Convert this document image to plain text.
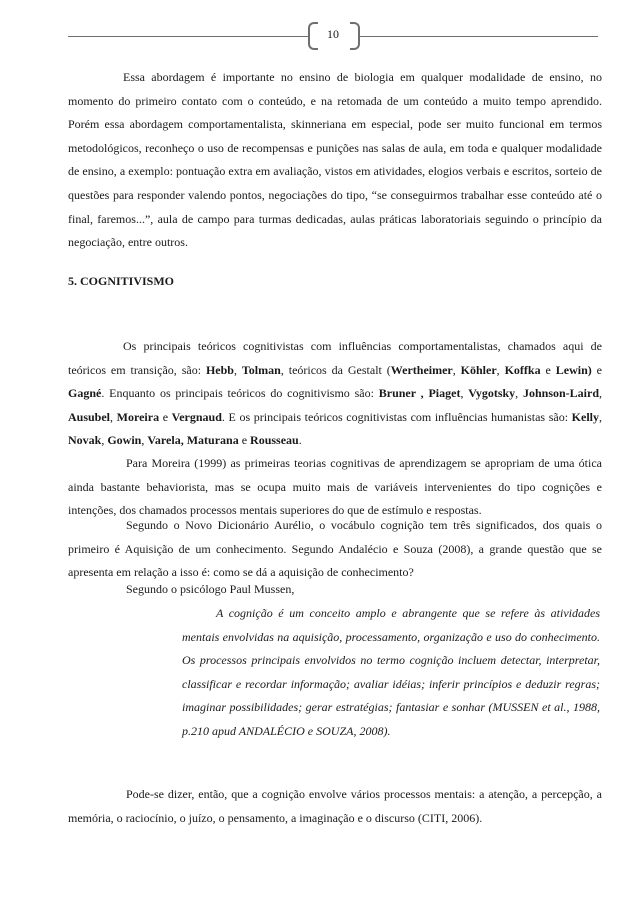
10

Essa abordagem é importante no ensino de biologia em qualquer modalidade de ensino, no momento do primeiro contato com o conteúdo, e na retomada de um conteúdo a muito tempo aprendido. Porém essa abordagem comportamentalista, skinneriana em especial, pode ser muito funcional em termos metodológicos, reconheço o uso de recompensas e punições nas salas de aula, em toda e qualquer modalidade de ensino, a exemplo: pontuação extra em avaliação, vistos em atividades, elogios verbais e escritos, sorteio de questões para responder valendo pontos, negociações do tipo, “se conseguirmos trabalhar esse conteúdo até o final, faremos...”, aula de campo para turmas dedicadas, aulas práticas laboratoriais seguindo o princípio da negociação, entre outros.

5. COGNITIVISMO

Os principais teóricos cognitivistas com influências comportamentalistas, chamados aqui de teóricos em transição, são: Hebb, Tolman, teóricos da Gestalt (Wertheimer, Köhler, Koffka e Lewin) e Gagné. Enquanto os principais teóricos do cognitivismo são: Bruner , Piaget, Vygotsky, Johnson-Laird, Ausubel, Moreira e Vergnaud. E os principais teóricos cognitivistas com influências humanistas são: Kelly, Novak, Gowin, Varela, Maturana e Rousseau.

Para Moreira (1999) as primeiras teorias cognitivas de aprendizagem se apropriam de uma ótica ainda bastante behaviorista, mas se ocupa muito mais de variáveis intervenientes do tipo cognições e intenções, dos chamados processos mentais superiores do que de estímulo e respostas.

Segundo o Novo Dicionário Aurélio, o vocábulo cognição tem três significados, dos quais o primeiro é Aquisição de um conhecimento. Segundo Andalécio e Souza (2008), a grande questão que se apresenta em relação a isso é: como se dá a aquisição de conhecimento?

Segundo o psicólogo Paul Mussen,

A cognição é um conceito amplo e abrangente que se refere às atividades mentais envolvidas na aquisição, processamento, organização e uso do conhecimento. Os processos principais envolvidos no termo cognição incluem detectar, interpretar, classificar e recordar informação; avaliar idéias; inferir princípios e deduzir regras; imaginar possibilidades; gerar estratégias; fantasiar e sonhar (MUSSEN et al., 1988, p.210 apud ANDALÉCIO e SOUZA, 2008).

Pode-se dizer, então, que a cognição envolve vários processos mentais: a atenção, a percepção, a memória, o raciocínio, o juízo, o pensamento, a imaginação e o discurso (CITI, 2006).
